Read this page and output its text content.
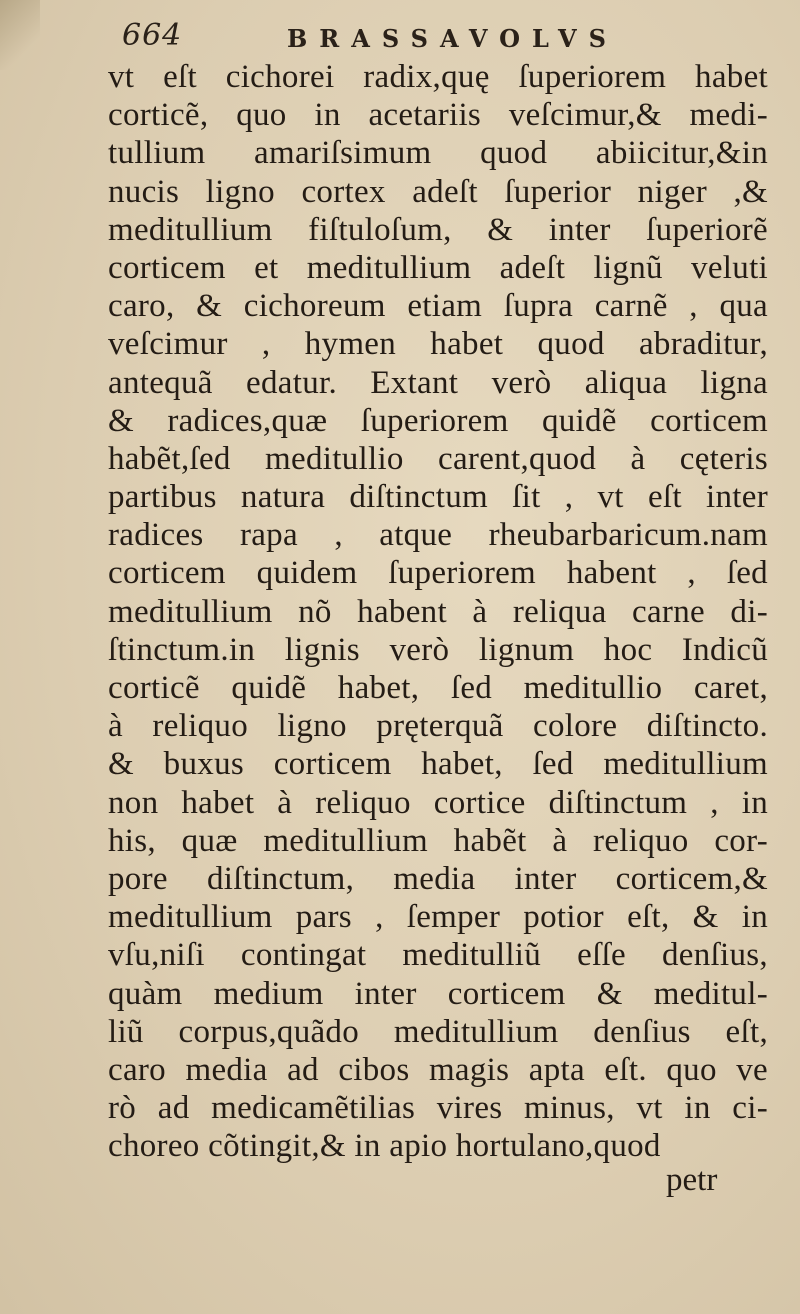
664	BRASSAVOLVS
vt eſt cichorei radix,quę ſuperiorem habet
corticẽ, quo in acetariis veſcimur,& medi-
tullium amariſsimum quod abiicitur,&in
nucis ligno cortex adeſt ſuperior niger ,&
meditullium fiſtuloſum, & inter ſuperiorẽ
corticem et meditullium adeſt lignũ veluti
caro, & cichoreum etiam ſupra carnẽ , qua
veſcimur , hymen habet quod abraditur,
antequã edatur. Extant verò aliqua ligna
& radices,quæ ſuperiorem quidẽ corticem
habẽt,ſed meditullio carent,quod à cęteris
partibus natura diſtinctum ſit , vt eſt inter
radices rapa , atque rheubarbaricum.nam
corticem quidem ſuperiorem habent , ſed
meditullium nõ habent à reliqua carne di-
ſtinctum.in lignis verò lignum hoc Indicũ
corticẽ quidẽ habet, ſed meditullio caret,
à reliquo ligno pręterquã colore diſtincto.
& buxus corticem habet, ſed meditullium
non habet à reliquo cortice diſtinctum , in
his, quæ meditullium habẽt à reliquo cor-
pore diſtinctum, media inter corticem,&
meditullium pars , ſemper potior eſt, & in
vſu,niſi contingat meditulliũ eſſe denſius,
quàm medium inter corticem & meditul-
liũ corpus,quãdo meditullium denſius eſt,
caro media ad cibos magis apta eſt. quo ve
rò ad medicamẽtilias vires minus, vt in ci-
choreo cõtingit,& in apio hortulano,quod
petr
